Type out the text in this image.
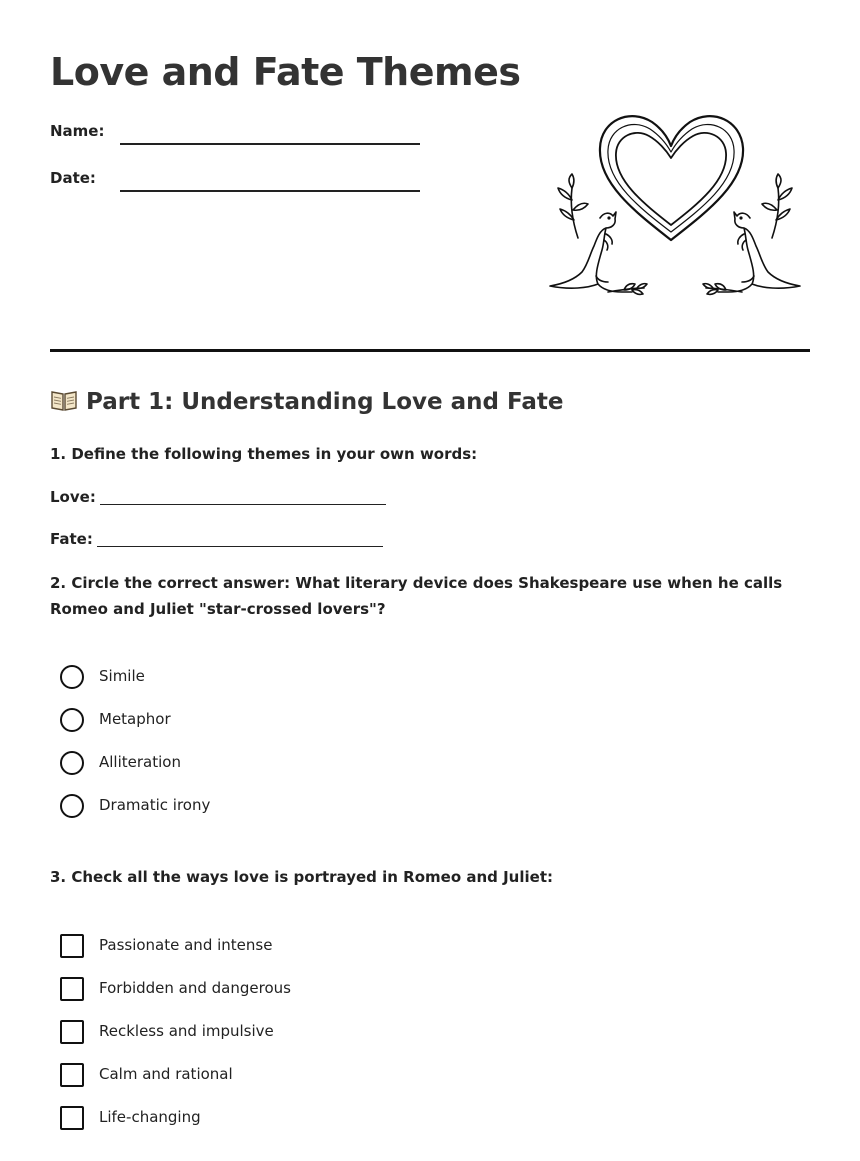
Love and Fate Themes
Name:
Date:
Part 1: Understanding Love and Fate

1. Define the following themes in your own words:

Love:
Fate:

2. Circle the correct answer: What literary device does Shakespeare use when he calls Romeo and Juliet "star-crossed lovers"?

Simile
Metaphor
Alliteration
Dramatic irony

3. Check all the ways love is portrayed in Romeo and Juliet:

Passionate and intense
Forbidden and dangerous
Reckless and impulsive
Calm and rational
Life-changing
